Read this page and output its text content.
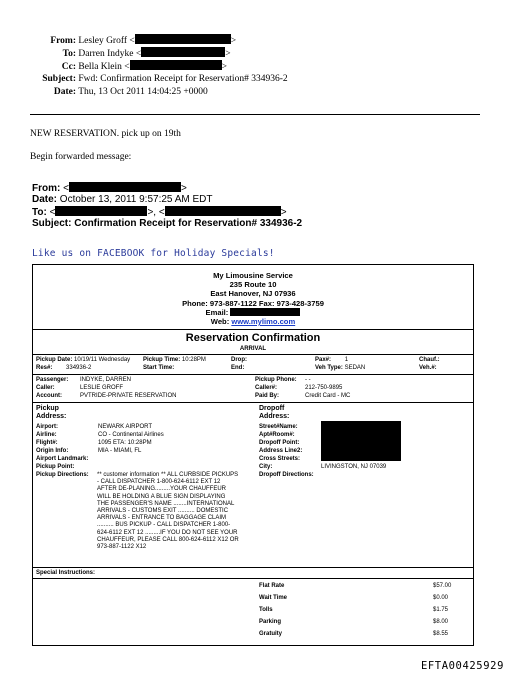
From: Lesley Groff <	>
To: Darren Indyke <	>
Cc: Bella Klein <	>
Subject: Fwd: Confirmation Receipt for Reservation# 334936-2
Date: Thu, 13 Oct 2011 14:04:25 +0000
NEW RESERVATION. pick up on 19th
Begin forwarded message:
From: <	>
Date: October 13, 2011 9:57:25 AM EDT
To: <	>, <	>
Subject: Confirmation Receipt for Reservation# 334936-2
Like us on FACEBOOK for Holiday Specials!
My Limousine Service
235 Route 10
East Hanover, NJ 07936
Phone: 973-887-1122 Fax: 973-428-3759
Email:
Web: www.mylimo.com
Reservation Confirmation
ARRIVAL
Pickup Date: 10/19/11 Wednesday Pickup Time: 10:28PM	Drop:	Pax#: 1	Chauf.:
Res#: 334936-2	Start Time:	End:	Veh Type: SEDAN	Veh.#:
Passenger: INDYKE, DARREN
Caller:	LESLIE GROFF
Account:	PVTRIDE-PRIVATE RESERVATION
Pickup Phone: - -
Caller#:	212-750-9895
Paid By:	Credit Card - MC
Pickup
Address:
Dropoff
Address:
Airport:	NEWARK AIRPORT
Airline:	CO - Continental Airlines
Flight#:	1095 ETA: 10:28PM
Origin Info:	MIA - MIAMI, FL
Airport Landmark:
Pickup Point:
Pickup Directions: ** customer information ** ALL CURBSIDE PICKUPS
- CALL DISPATCHER 1-800-624-6112 EXT 12
AFTER DE-PLANING.........YOUR CHAUFFEUR
WILL BE HOLDING A BLUE SIGN DISPLAYING
THE PASSENGER'S NAME ........INTERNATIONAL
ARRIVALS - CUSTOMS EXIT .......... DOMESTIC
ARRIVALS - ENTRANCE TO BAGGAGE CLAIM
.......... BUS PICKUP - CALL DISPATCHER 1-800-
624-6112 EXT 12 .........IF YOU DO NOT SEE YOUR
CHAUFFEUR, PLEASE CALL 800-624-6112 X12 OR
973-887-1122 X12
Street#Name:
Apt#Room#:
Dropoff Point:
Address Line2:
Cross Streets:
City:	LIVINGSTON, NJ 07039
Dropoff Directions:
Special Instructions:
Flat Rate	$57.00
Wait Time	$0.00
Tolls	$1.75
Parking	$8.00
Gratuity	$8.55
EFTA00425929
